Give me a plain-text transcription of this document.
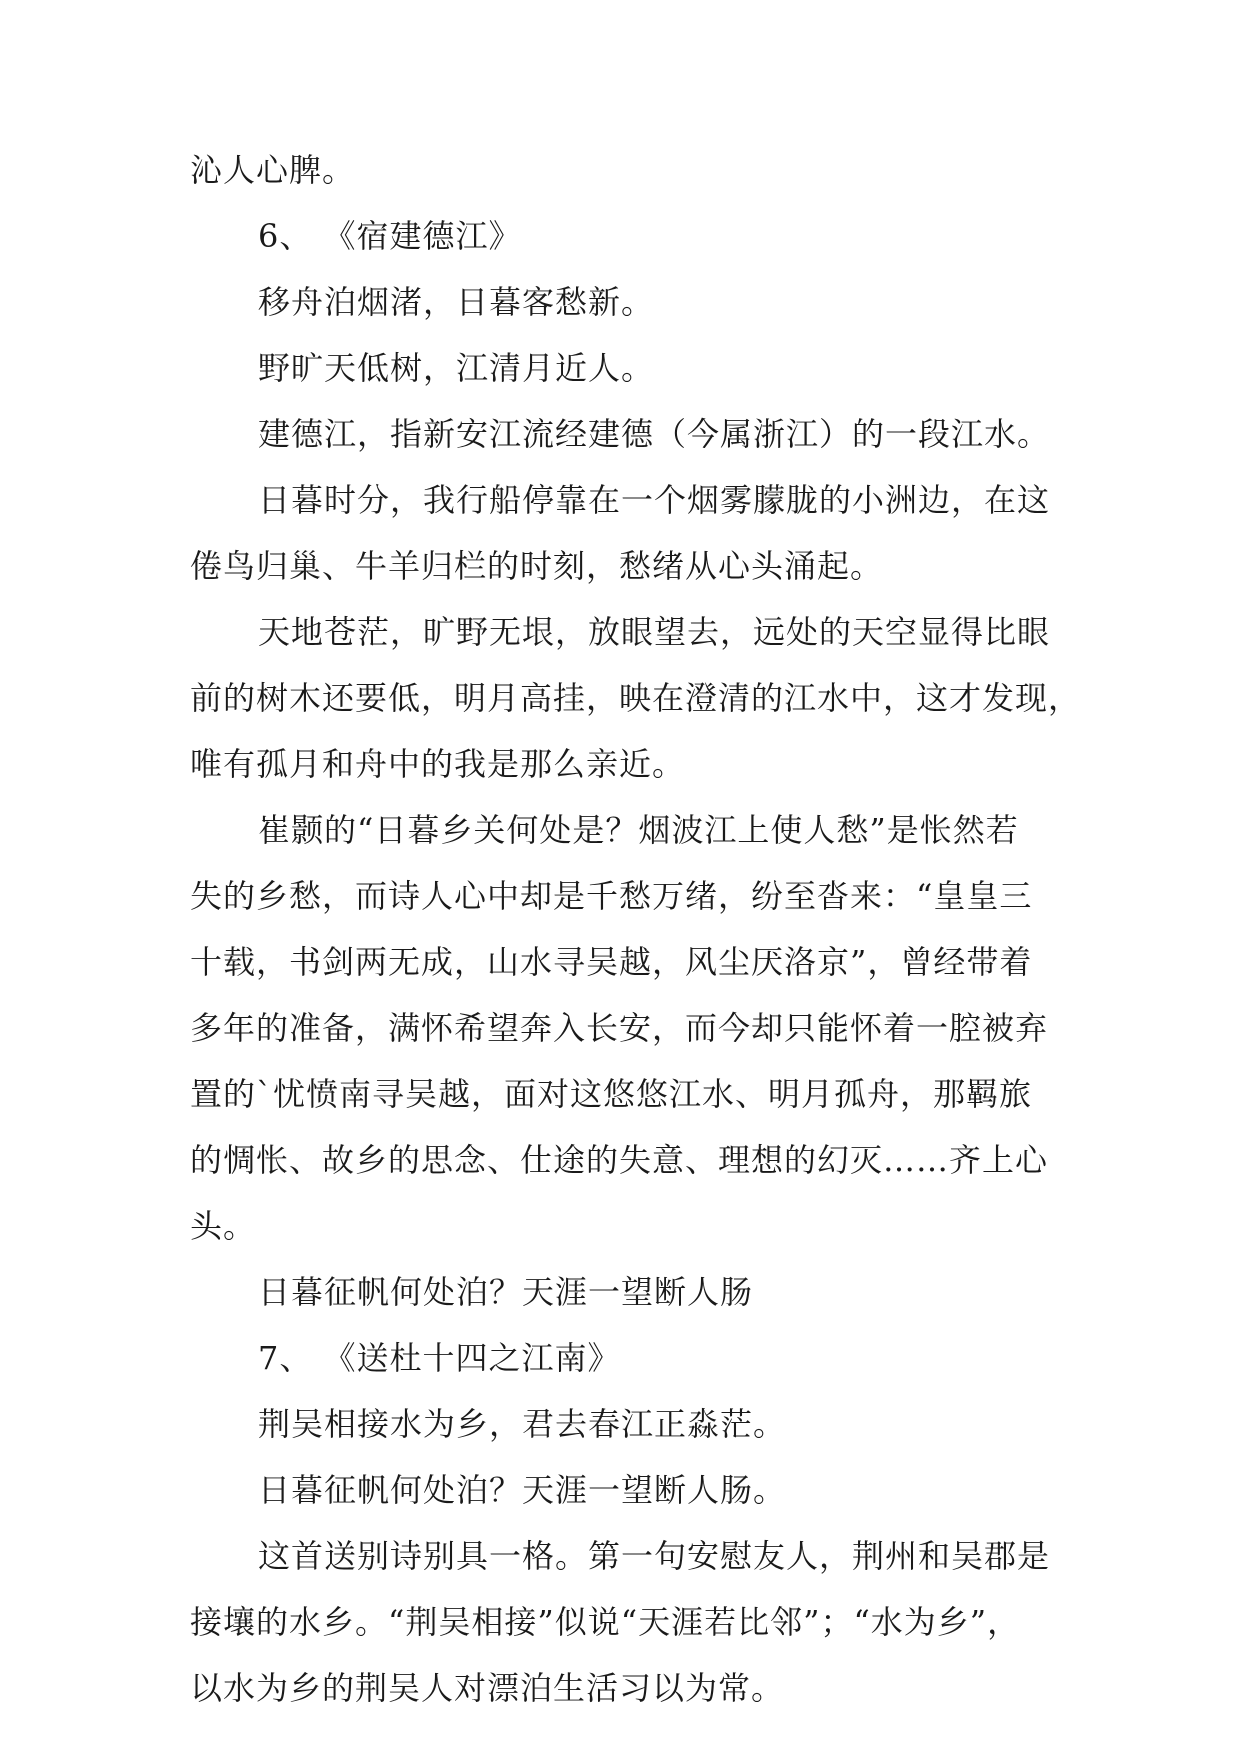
沁人心脾。
6、 《宿建德江》
移舟泊烟渚，日暮客愁新。
野旷天低树，江清月近人。
建德江，指新安江流经建德（今属浙江）的一段江水。
日暮时分，我行船停靠在一个烟雾朦胧的小洲边，在这
倦鸟归巢、牛羊归栏的时刻，愁绪从心头涌起。
天地苍茫，旷野无垠，放眼望去，远处的天空显得比眼
前的树木还要低，明月高挂，映在澄清的江水中，这才发现，
唯有孤月和舟中的我是那么亲近。
崔颢的“日暮乡关何处是？烟波江上使人愁”是怅然若
失的乡愁，而诗人心中却是千愁万绪，纷至沓来：“皇皇三
十载，书剑两无成，山水寻吴越，风尘厌洛京”，曾经带着
多年的准备，满怀希望奔入长安，而今却只能怀着一腔被弃
置的`忧愤南寻吴越，面对这悠悠江水、明月孤舟，那羁旅
的惆怅、故乡的思念、仕途的失意、理想的幻灭……齐上心
头。
日暮征帆何处泊？天涯一望断人肠
7、 《送杜十四之江南》
荆吴相接水为乡，君去春江正淼茫。
日暮征帆何处泊？天涯一望断人肠。
这首送别诗别具一格。第一句安慰友人，荆州和吴郡是
接壤的水乡。“荆吴相接”似说“天涯若比邻”；“水为乡”，
以水为乡的荆吴人对漂泊生活习以为常。
